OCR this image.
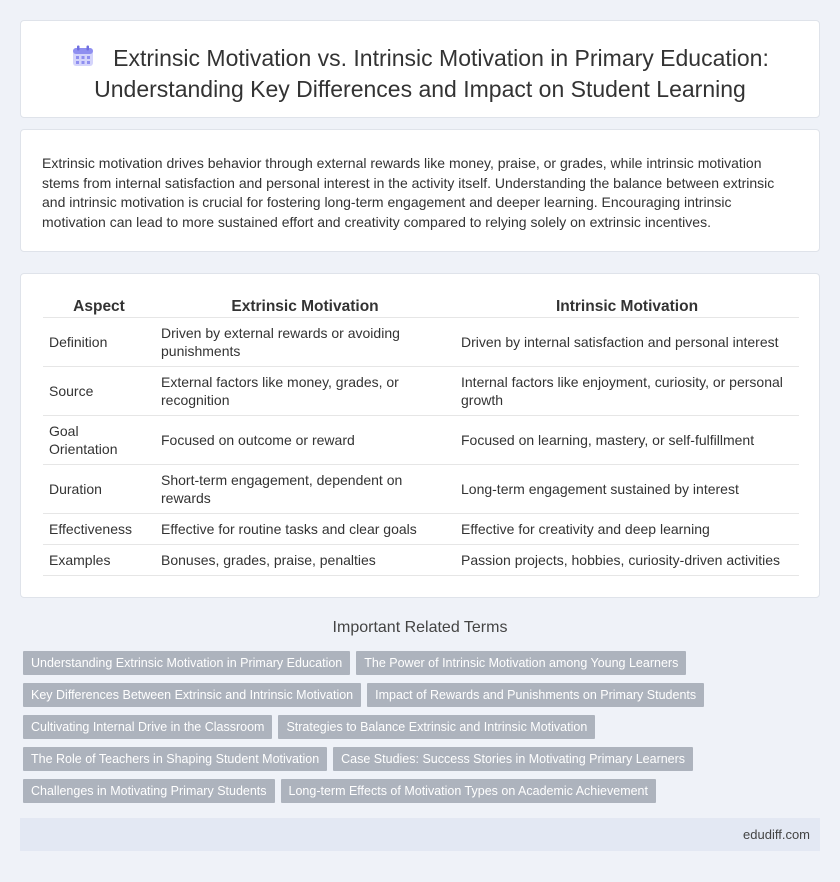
Extrinsic Motivation vs. Intrinsic Motivation in Primary Education:
Understanding Key Differences and Impact on Student Learning

Extrinsic motivation drives behavior through external rewards like money, praise, or grades, while intrinsic motivation stems from internal satisfaction and personal interest in the activity itself. Understanding the balance between extrinsic and intrinsic motivation is crucial for fostering long-term engagement and deeper learning. Encouraging intrinsic motivation can lead to more sustained effort and creativity compared to relying solely on extrinsic incentives.

Aspect	Extrinsic Motivation	Intrinsic Motivation
Definition	Driven by external rewards or avoiding punishments	Driven by internal satisfaction and personal interest
Source	External factors like money, grades, or recognition	Internal factors like enjoyment, curiosity, or personal growth
Goal Orientation	Focused on outcome or reward	Focused on learning, mastery, or self-fulfillment
Duration	Short-term engagement, dependent on rewards	Long-term engagement sustained by interest
Effectiveness	Effective for routine tasks and clear goals	Effective for creativity and deep learning
Examples	Bonuses, grades, praise, penalties	Passion projects, hobbies, curiosity-driven activities
Important Related Terms
Understanding Extrinsic Motivation in Primary Education	The Power of Intrinsic Motivation among Young Learners
Key Differences Between Extrinsic and Intrinsic Motivation	Impact of Rewards and Punishments on Primary Students
Cultivating Internal Drive in the Classroom	Strategies to Balance Extrinsic and Intrinsic Motivation
The Role of Teachers in Shaping Student Motivation	Case Studies: Success Stories in Motivating Primary Learners
Challenges in Motivating Primary Students	Long-term Effects of Motivation Types on Academic Achievement
edudiff.com
